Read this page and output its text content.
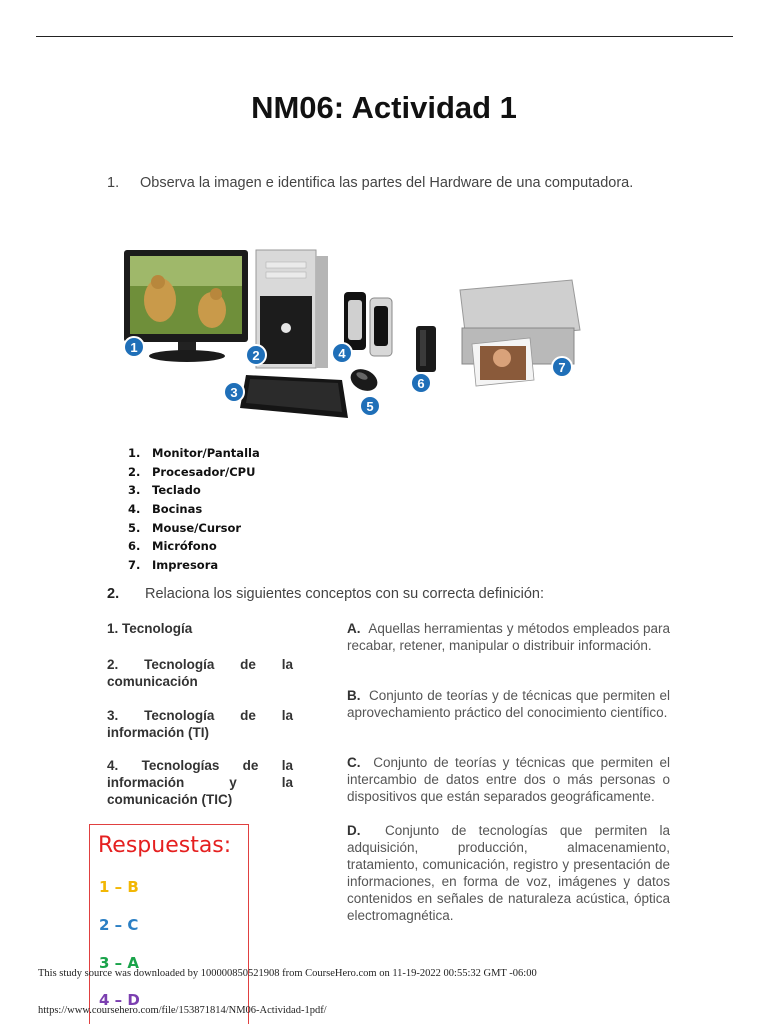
NM06: Actividad 1
1. Observa la imagen e identifica las partes del Hardware de una computadora.
1
2
3
4
5
6
7
1. Monitor/Pantalla
2. Procesador/CPU
3. Teclado
4. Bocinas
5. Mouse/Cursor
6. Micrófono
7. Impresora
2. Relaciona los siguientes conceptos con su correcta definición:
1. Tecnología
2. Tecnología de la comunicación
3. Tecnología de la información (TI)
4. Tecnologías de la información y la comunicación (TIC)
A. Aquellas herramientas y métodos empleados para recabar, retener, manipular o distribuir información.
B. Conjunto de teorías y de técnicas que permiten el aprovechamiento práctico del conocimiento científico.
C. Conjunto de teorías y técnicas que permiten el intercambio de datos entre dos o más personas o dispositivos que están separados geográficamente.
D. Conjunto de tecnologías que permiten la adquisición, producción, almacenamiento, tratamiento, comunicación, registro y presentación de informaciones, en forma de voz, imágenes y datos contenidos en señales de naturaleza acústica, óptica electromagnética.
Respuestas:
1 – B
2 – C
3 – A
4 – D
This study source was downloaded by 100000850521908 from CourseHero.com on 11-19-2022 00:55:32 GMT -06:00
https://www.coursehero.com/file/153871814/NM06-Actividad-1pdf/
